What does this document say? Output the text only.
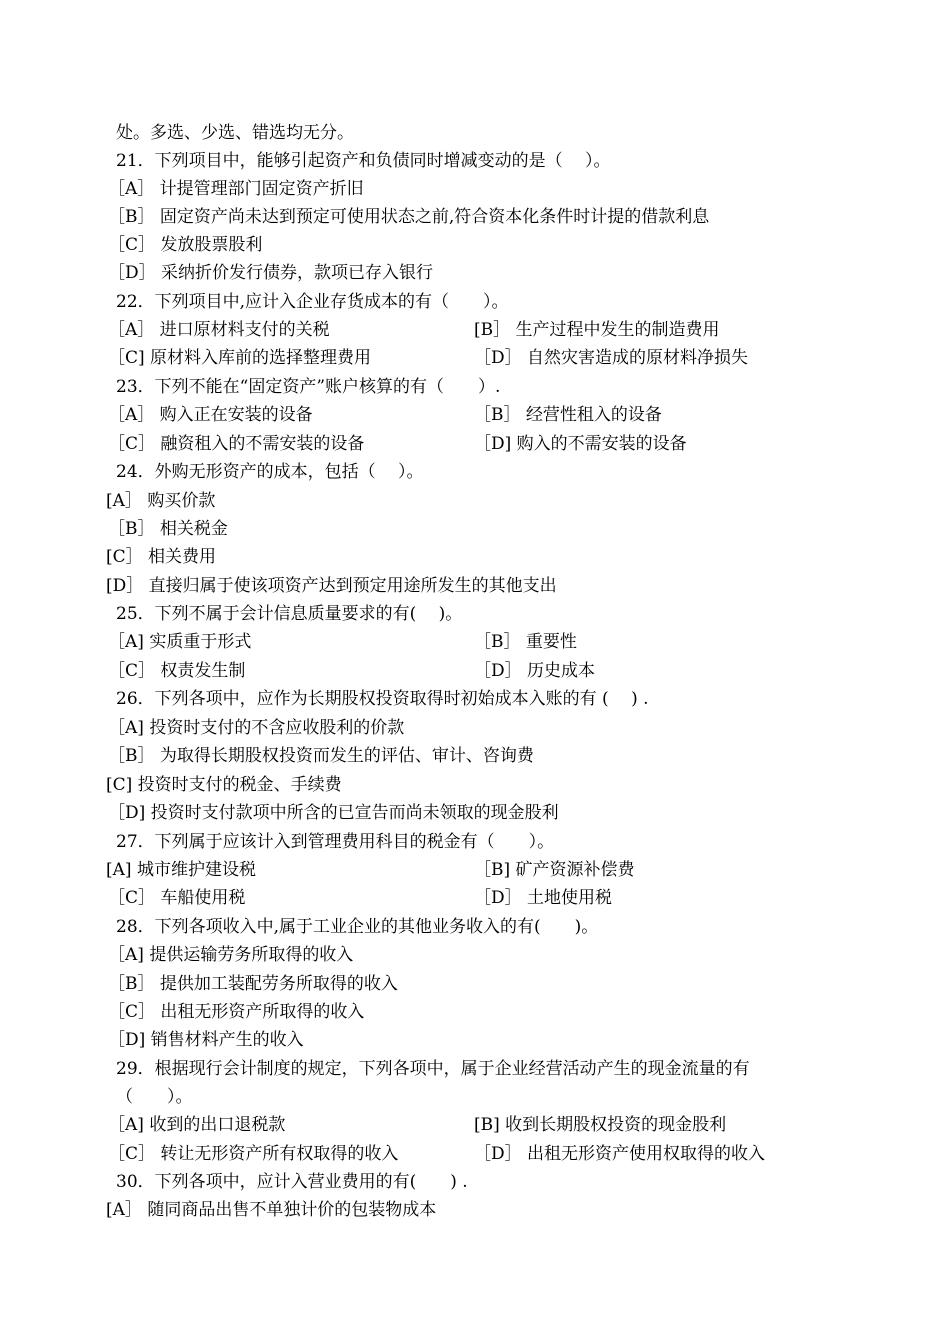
处。多选、少选、错选均无分。
21．下列项目中，能够引起资产和负债同时增减变动的是（　 ）。
［A］ 计提管理部门固定资产折旧
［B］ 固定资产尚未达到预定可使用状态之前,符合资本化条件时计提的借款利息
［C］ 发放股票股利
［D］ 采纳折价发行债券，款项已存入银行
22．下列项目中,应计入企业存货成本的有（　　）。
［A］ 进口原材料支付的关税	[B］ 生产过程中发生的制造费用
［C] 原材料入库前的选择整理费用	［D］ 自然灾害造成的原材料净损失
23．下列不能在“固定资产”账户核算的有（　　）.
［A］ 购入正在安装的设备	［B］ 经营性租入的设备
［C］ 融资租入的不需安装的设备	［D] 购入的不需安装的设备
24．外购无形资产的成本，包括（　 ）。
[A］ 购买价款
［B］ 相关税金
[C］ 相关费用
[D］ 直接归属于使该项资产达到预定用途所发生的其他支出
25．下列不属于会计信息质量要求的有(　 )。
［A] 实质重于形式	［B］ 重要性
［C］ 权责发生制	［D］ 历史成本
26．下列各项中，应作为长期股权投资取得时初始成本入账的有 (　 ) .
［A] 投资时支付的不含应收股利的价款
［B］ 为取得长期股权投资而发生的评估、审计、咨询费
[C] 投资时支付的税金、手续费
［D] 投资时支付款项中所含的已宣告而尚未领取的现金股利
27．下列属于应该计入到管理费用科目的税金有（　　）。
[A] 城市维护建设税	［B] 矿产资源补偿费
［C］ 车船使用税	［D］ 土地使用税
28．下列各项收入中,属于工业企业的其他业务收入的有(　　)。
［A] 提供运输劳务所取得的收入
［B］ 提供加工装配劳务所取得的收入
［C］ 出租无形资产所取得的收入
［D] 销售材料产生的收入
29．根据现行会计制度的规定，下列各项中，属于企业经营活动产生的现金流量的有
（　　）。
［A] 收到的出口退税款	[B] 收到长期股权投资的现金股利
［C］ 转让无形资产所有权取得的收入	［D］ 出租无形资产使用权取得的收入
30．下列各项中，应计入营业费用的有(　　) .
[A］ 随同商品出售不单独计价的包装物成本
